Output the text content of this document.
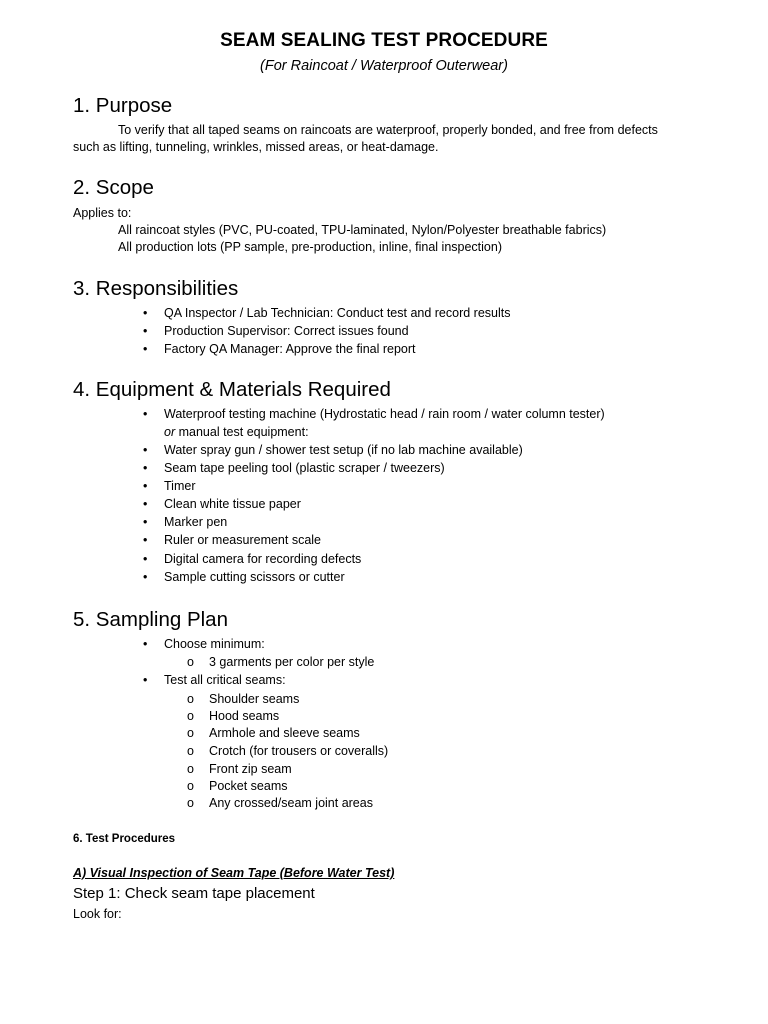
SEAM SEALING TEST PROCEDURE
(For Raincoat / Waterproof Outerwear)
1. Purpose
To verify that all taped seams on raincoats are waterproof, properly bonded, and free from defects such as lifting, tunneling, wrinkles, missed areas, or heat-damage.
2. Scope
Applies to:
All raincoat styles (PVC, PU-coated, TPU-laminated, Nylon/Polyester breathable fabrics)
All production lots (PP sample, pre-production, inline, final inspection)
3. Responsibilities
• QA Inspector / Lab Technician: Conduct test and record results
• Production Supervisor: Correct issues found
• Factory QA Manager: Approve the final report
4. Equipment & Materials Required
• Waterproof testing machine (Hydrostatic head / rain room / water column tester)
or manual test equipment:
• Water spray gun / shower test setup (if no lab machine available)
• Seam tape peeling tool (plastic scraper / tweezers)
• Timer
• Clean white tissue paper
• Marker pen
• Ruler or measurement scale
• Digital camera for recording defects
• Sample cutting scissors or cutter
5. Sampling Plan
• Choose minimum:
o 3 garments per color per style
• Test all critical seams:
o Shoulder seams
o Hood seams
o Armhole and sleeve seams
o Crotch (for trousers or coveralls)
o Front zip seam
o Pocket seams
o Any crossed/seam joint areas
6. Test Procedures
A) Visual Inspection of Seam Tape (Before Water Test)
Step 1: Check seam tape placement
Look for:
